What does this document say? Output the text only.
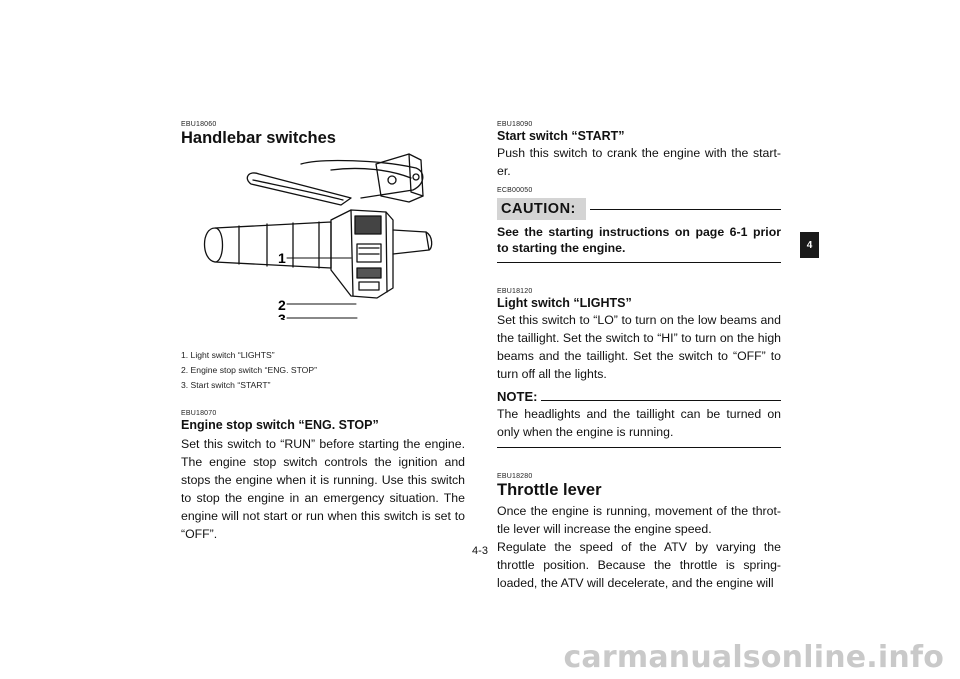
EBU18060

Handlebar switches
1
2
3
1. Light switch “LIGHTS”
2. Engine stop switch “ENG. STOP”
3. Start switch “START”

EBU18070

Engine stop switch “ENG. STOP”

Set this switch to “RUN” before starting the engine. The engine stop switch controls the ignition and stops the engine when it is running. Use this switch to stop the engine in an emergency situation. The engine will not start or run when this switch is set to “OFF”.

EBU18090

Start switch “START”

Push this switch to crank the engine with the start-er.

ECB00050

CAUTION:

See the starting instructions on page 6-1 prior to starting the engine.

EBU18120

Light switch “LIGHTS”

Set this switch to “LO” to turn on the low beams and the taillight. Set the switch to “HI” to turn on the high beams and the taillight. Set the switch to “OFF” to turn off all the lights.

NOTE:

The headlights and the taillight can be turned on only when the engine is running.

EBU18280

Throttle lever

Once the engine is running, movement of the throt-tle lever will increase the engine speed.

Regulate the speed of the ATV by varying the throttle position. Because the throttle is spring-loaded, the ATV will decelerate, and the engine will

4
4-3
carmanualsonline.info
